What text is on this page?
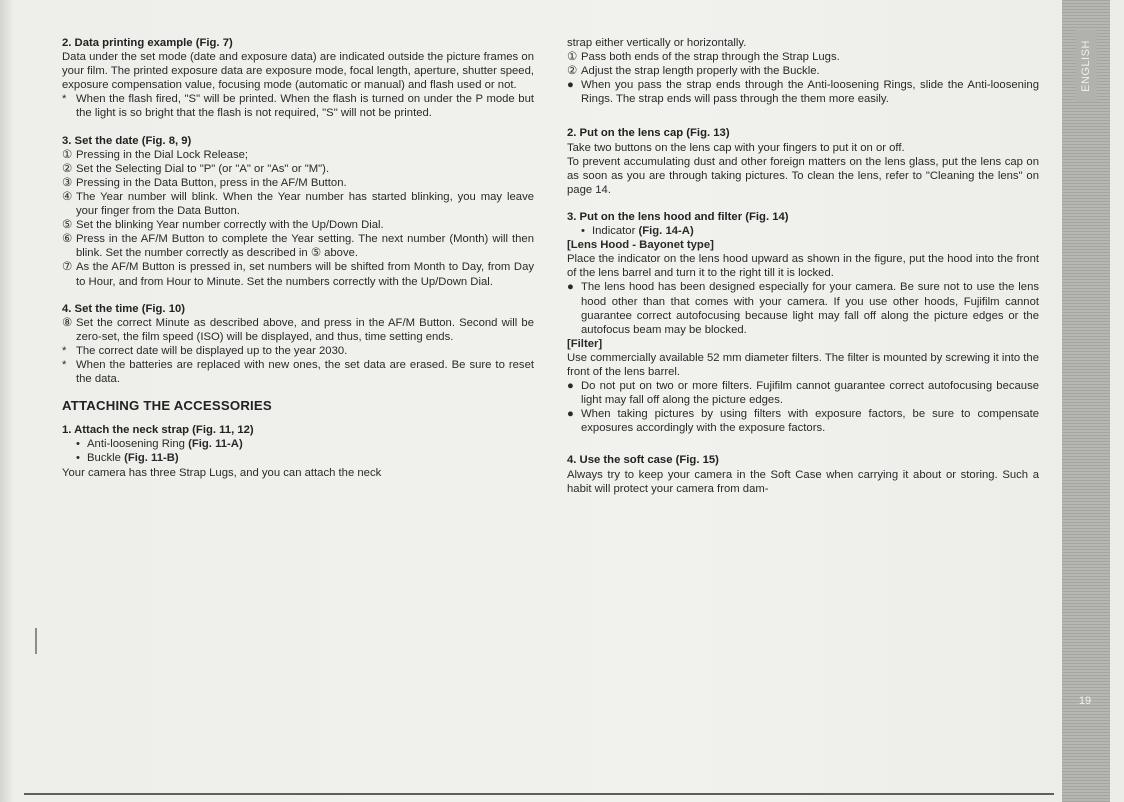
2. Data printing example (Fig. 7)

Data under the set mode (date and exposure data) are indicated outside the picture frames on your film. The printed exposure data are exposure mode, focal length, aperture, shutter speed, exposure compensation value, focusing mode (automatic or manual) and flash used or not.

* When the flash fired, "S" will be printed. When the flash is turned on under the P mode but the light is so bright that the flash is not required, "S" will not be printed.
3. Set the date (Fig. 8, 9)
① Pressing in the Dial Lock Release;
② Set the Selecting Dial to "P" (or "A" or "As" or "M").
③ Pressing in the Data Button, press in the AF/M Button.
④ The Year number will blink. When the Year number has started blinking, you may leave your finger from the Data Button.
⑤ Set the blinking Year number correctly with the Up/Down Dial.
⑥ Press in the AF/M Button to complete the Year setting. The next number (Month) will then blink. Set the number correctly as described in ⑤ above.
⑦ As the AF/M Button is pressed in, set numbers will be shifted from Month to Day, from Day to Hour, and from Hour to Minute. Set the numbers correctly with the Up/Down Dial.
4. Set the time (Fig. 10)
⑧ Set the correct Minute as described above, and press in the AF/M Button. Second will be zero-set, the film speed (ISO) will be displayed, and thus, time setting ends.
* The correct date will be displayed up to the year 2030.
* When the batteries are replaced with new ones, the set data are erased. Be sure to reset the data.
ATTACHING THE ACCESSORIES
1. Attach the neck strap (Fig. 11, 12)
• Anti-loosening Ring (Fig. 11-A)
• Buckle (Fig. 11-B)

Your camera has three Strap Lugs, and you can attach the neck

strap either vertically or horizontally.

① Pass both ends of the strap through the Strap Lugs.
② Adjust the strap length properly with the Buckle.
● When you pass the strap ends through the Anti-loosening Rings, slide the Anti-loosening Rings. The strap ends will pass through the them more easily.
2. Put on the lens cap (Fig. 13)

Take two buttons on the lens cap with your fingers to put it on or off.

To prevent accumulating dust and other foreign matters on the lens glass, put the lens cap on as soon as you are through taking pictures. To clean the lens, refer to "Cleaning the lens" on page 14.

3. Put on the lens hood and filter (Fig. 14)
• Indicator (Fig. 14-A)

[Lens Hood - Bayonet type]

Place the indicator on the lens hood upward as shown in the figure, put the hood into the front of the lens barrel and turn it to the right till it is locked.

● The lens hood has been designed especially for your camera. Be sure not to use the lens hood other than that comes with your camera. If you use other hoods, Fujifilm cannot guarantee correct autofocusing because light may fall off along the picture edges or the autofocus beam may be blocked.

[Filter]

Use commercially available 52 mm diameter filters. The filter is mounted by screwing it into the front of the lens barrel.

● Do not put on two or more filters. Fujifilm cannot guarantee correct autofocusing because light may fall off along the picture edges.
● When taking pictures by using filters with exposure factors, be sure to compensate exposures accordingly with the exposure factors.
4. Use the soft case (Fig. 15)

Always try to keep your camera in the Soft Case when carrying it about or storing. Such a habit will protect your camera from dam-

ENGLISH
19
